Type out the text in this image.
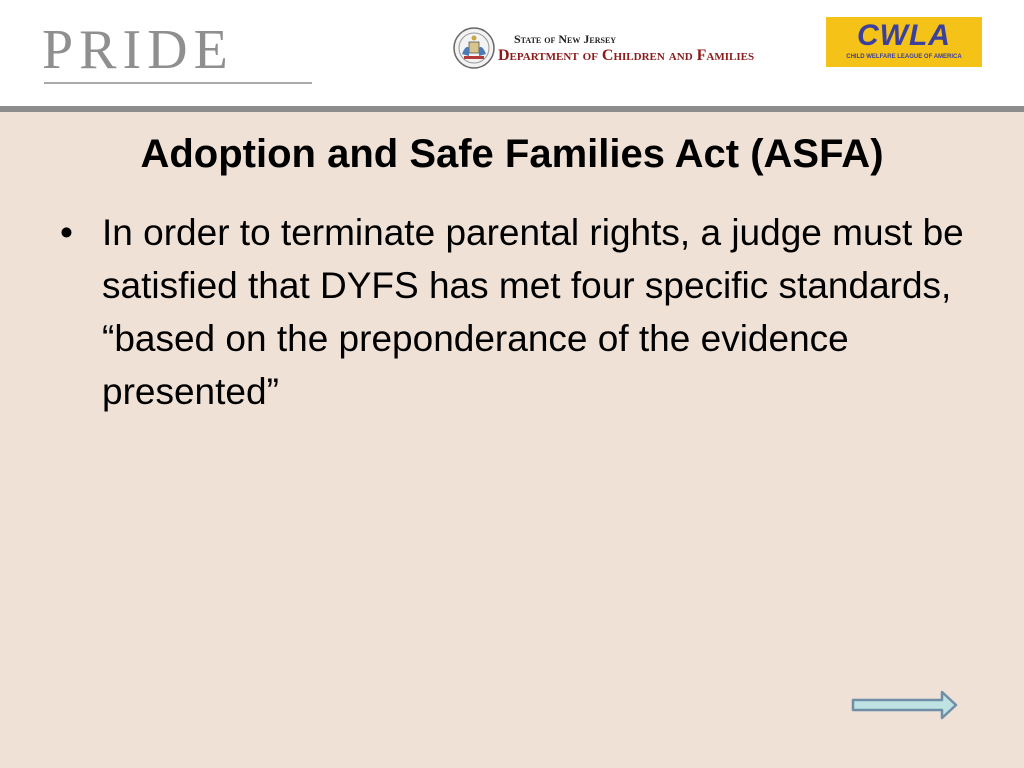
PRIDE	State of New Jersey
Department of Children and Families
CWLA
CHILD WELFARE LEAGUE OF AMERICA
Adoption and Safe Families Act (ASFA)
• In order to terminate parental rights, a judge must be satisfied that DYFS has met four specific standards, “based on the preponderance of the evidence presented”
